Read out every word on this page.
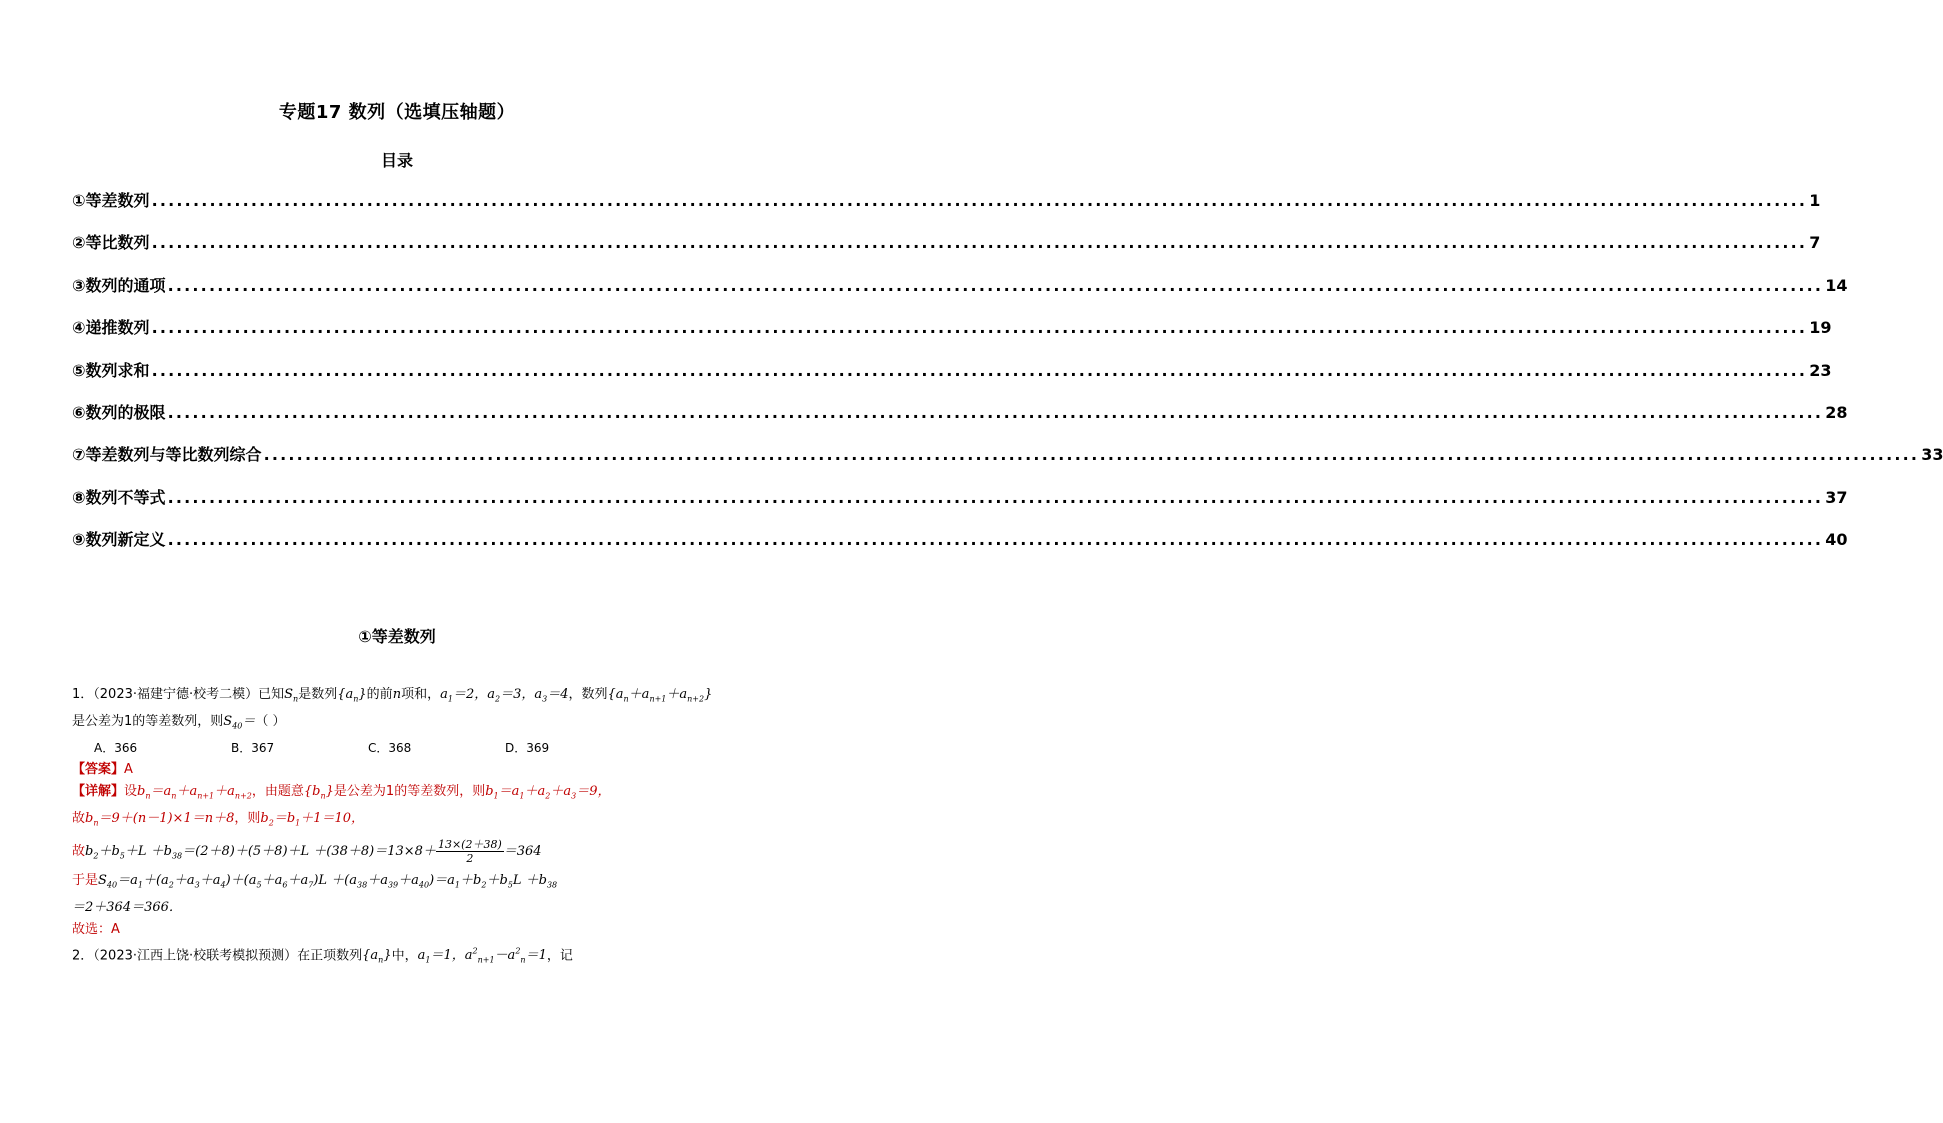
专题17 数列（选填压轴题）
目录
①等差数列 ........................................................................................................................................................................................................ 1
②等比数列 ........................................................................................................................................................................................................ 7
③数列的通项 ........................................................................................................................................................................................................ 14
④递推数列 ........................................................................................................................................................................................................ 19
⑤数列求和 ........................................................................................................................................................................................................ 23
⑥数列的极限 ........................................................................................................................................................................................................ 28
⑦等差数列与等比数列综合 ........................................................................................................................................................................................................ 33
⑧数列不等式 ........................................................................................................................................................................................................ 37
⑨数列新定义 ........................................................................................................................................................................................................ 40
①等差数列
1．（2023·福建宁德·校考二模）已知$S_n$是数列$\{a_n\}$的前n项和，$a_1=2$，$a_2=3$，$a_3=4$，数列$\{a_n+a_{n+1}+a_{n+2}\}$
是公差为1的等差数列，则$S_{40}=$（ ）
A．366	B．367	C．368	D．369
【答案】A
【详解】设$b_n=a_n+a_{n+1}+a_{n+2}$，由题意$\{b_n\}$是公差为1的等差数列，则$b_1=a_1+a_2+a_3=9$，
故$b_n=9+(n-1)\times 1=n+8$，则$b_2=b_1+1=10$，
故$b_2+b_5+L +b_{38}=(2+8)+(5+8)+L +(38+8)=13\times 8+ \frac{13\times(2+38)}{2} =364$
于是$S_{40}=a_1+(a_2+a_3+a_4)+(a_5+a_6+a_7)L +(a_{38}+a_{39}+a_{40})=a_1+b_2+b_5L +b_{38}$
＝2＋364＝366．
故选：A
2．（2023·江西上饶·校联考模拟预测）在正项数列$\{a_n\}$中，$a_1=1$，$a^2_{n+1}-a^2_n=1$，记
